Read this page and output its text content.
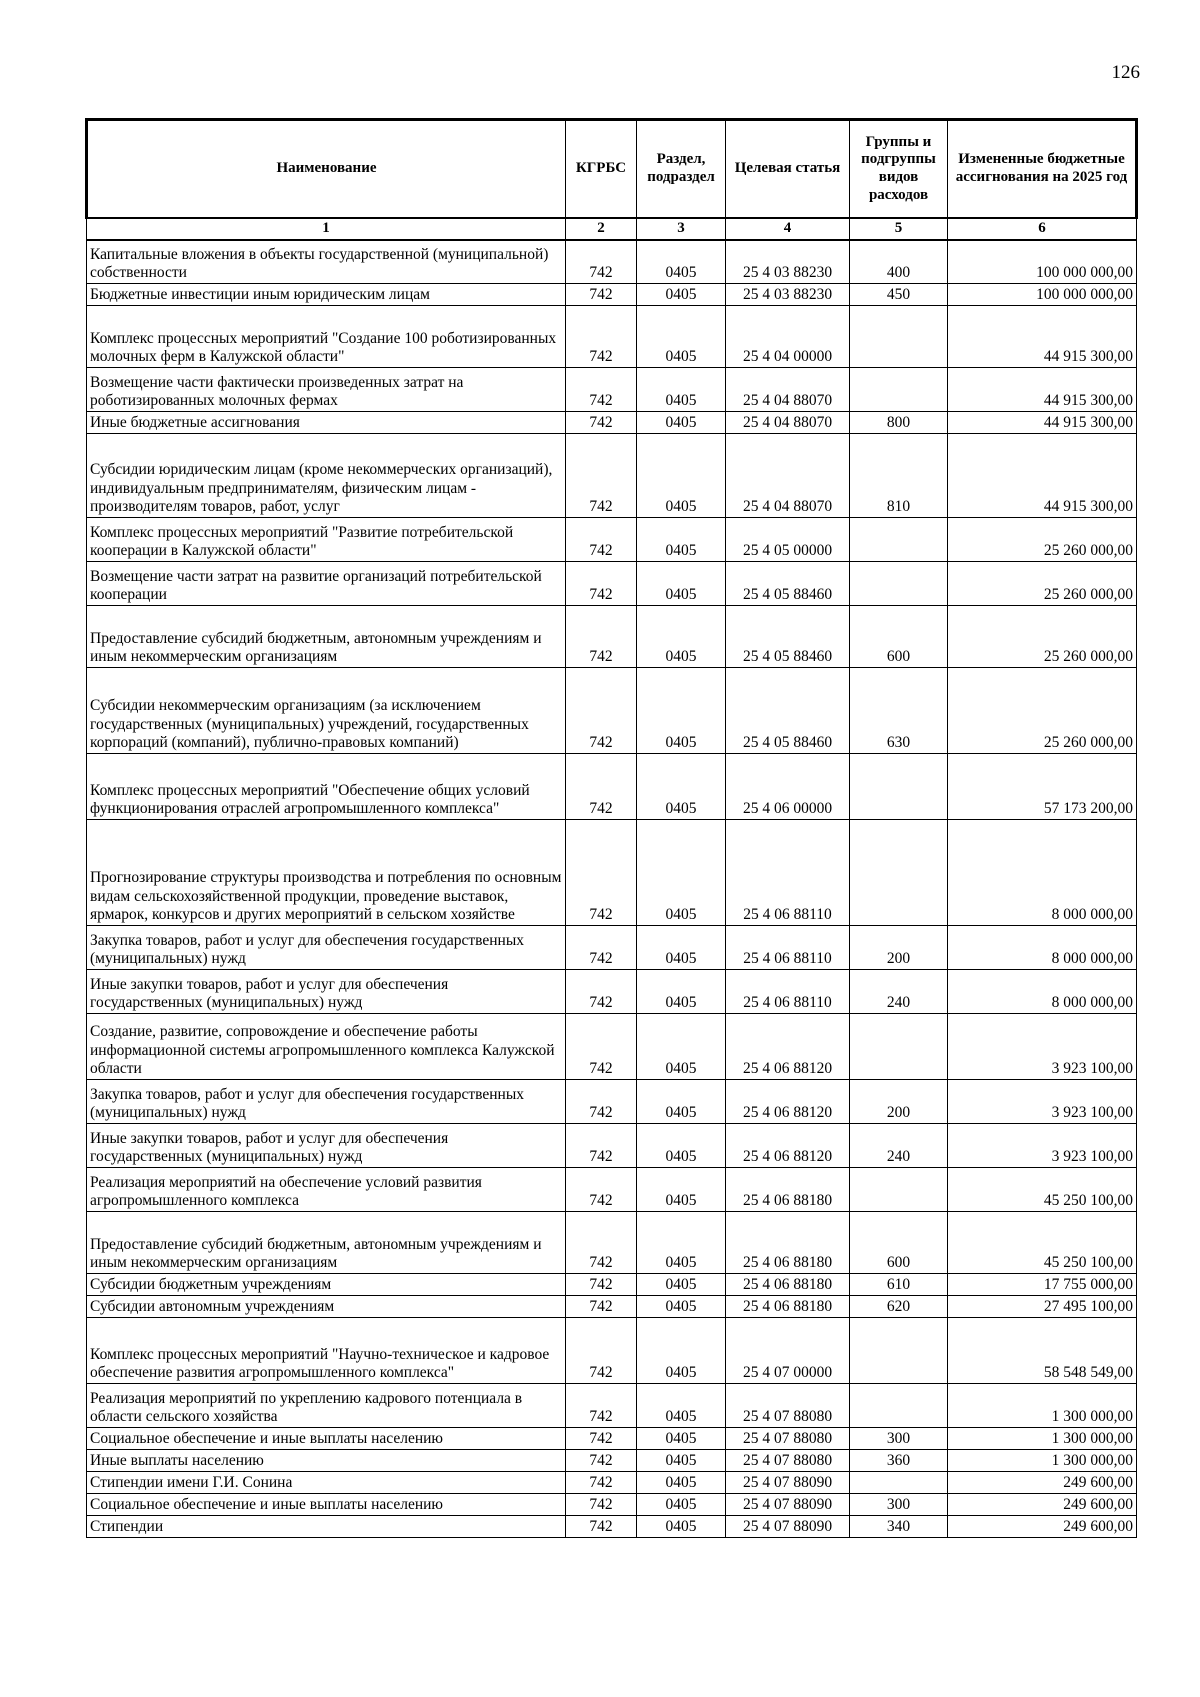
126
Наименование	КГРБС	Раздел, подраздел	Целевая статья	Группы и подгруппы видов расходов	Измененные бюджетные ассигнования на 2025 год
1	2	3	4	5	6
Капитальные вложения в объекты государственной (муниципальной) собственности	742	0405	25 4 03 88230	400	100 000 000,00
Бюджетные инвестиции иным юридическим лицам	742	0405	25 4 03 88230	450	100 000 000,00
Комплекс процессных мероприятий "Создание 100 роботизированных молочных ферм в Калужской области"	742	0405	25 4 04 00000		44 915 300,00
Возмещение части фактически произведенных затрат на роботизированных молочных фермах	742	0405	25 4 04 88070		44 915 300,00
Иные бюджетные ассигнования	742	0405	25 4 04 88070	800	44 915 300,00
Субсидии юридическим лицам (кроме некоммерческих организаций), индивидуальным предпринимателям, физическим лицам - производителям товаров, работ, услуг	742	0405	25 4 04 88070	810	44 915 300,00
Комплекс процессных мероприятий "Развитие потребительской кооперации в Калужской области"	742	0405	25 4 05 00000		25 260 000,00
Возмещение части затрат на развитие организаций потребительской кооперации	742	0405	25 4 05 88460		25 260 000,00
Предоставление субсидий бюджетным, автономным учреждениям и иным некоммерческим организациям	742	0405	25 4 05 88460	600	25 260 000,00
Субсидии некоммерческим организациям (за исключением государственных (муниципальных) учреждений, государственных корпораций (компаний), публично-правовых компаний)	742	0405	25 4 05 88460	630	25 260 000,00
Комплекс процессных мероприятий "Обеспечение общих условий функционирования отраслей агропромышленного комплекса"	742	0405	25 4 06 00000		57 173 200,00
Прогнозирование структуры производства и потребления по основным видам сельскохозяйственной продукции, проведение выставок, ярмарок, конкурсов и других мероприятий в сельском хозяйстве	742	0405	25 4 06 88110		8 000 000,00
Закупка товаров, работ и услуг для обеспечения государственных (муниципальных) нужд	742	0405	25 4 06 88110	200	8 000 000,00
Иные закупки товаров, работ и услуг для обеспечения государственных (муниципальных) нужд	742	0405	25 4 06 88110	240	8 000 000,00
Создание, развитие, сопровождение и обеспечение работы информационной системы агропромышленного комплекса Калужской области	742	0405	25 4 06 88120		3 923 100,00
Закупка товаров, работ и услуг для обеспечения государственных (муниципальных) нужд	742	0405	25 4 06 88120	200	3 923 100,00
Иные закупки товаров, работ и услуг для обеспечения государственных (муниципальных) нужд	742	0405	25 4 06 88120	240	3 923 100,00
Реализация мероприятий на обеспечение условий развития агропромышленного комплекса	742	0405	25 4 06 88180		45 250 100,00
Предоставление субсидий бюджетным, автономным учреждениям и иным некоммерческим организациям	742	0405	25 4 06 88180	600	45 250 100,00
Субсидии бюджетным учреждениям	742	0405	25 4 06 88180	610	17 755 000,00
Субсидии автономным учреждениям	742	0405	25 4 06 88180	620	27 495 100,00
Комплекс процессных мероприятий "Научно-техническое и кадровое обеспечение развития агропромышленного комплекса"	742	0405	25 4 07 00000		58 548 549,00
Реализация мероприятий по укреплению кадрового потенциала в области сельского хозяйства	742	0405	25 4 07 88080		1 300 000,00
Социальное обеспечение и иные выплаты населению	742	0405	25 4 07 88080	300	1 300 000,00
Иные выплаты населению	742	0405	25 4 07 88080	360	1 300 000,00
Стипендии имени Г.И. Сонина	742	0405	25 4 07 88090		249 600,00
Социальное обеспечение и иные выплаты населению	742	0405	25 4 07 88090	300	249 600,00
Стипендии	742	0405	25 4 07 88090	340	249 600,00
